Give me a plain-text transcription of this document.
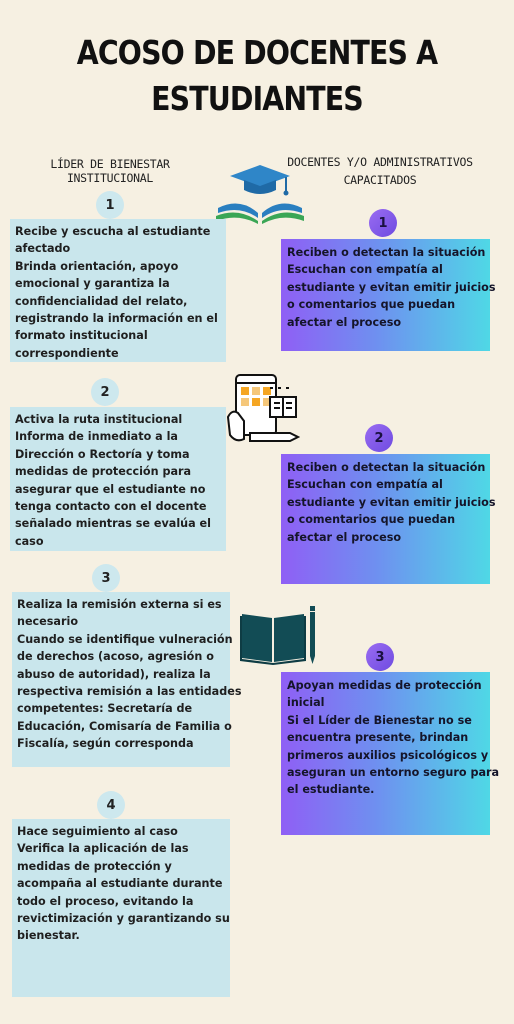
ACOSO DE DOCENTES A
ESTUDIANTES
LÍDER DE BIENESTAR INSTITUCIONAL
DOCENTES Y/O ADMINISTRATIVOS
CAPACITADOS
1
Recibe y escucha al estudiante
afectado
Brinda orientación, apoyo
emocional y garantiza la
confidencialidad del relato,
registrando la información en el
formato institucional
correspondiente
2
Activa la ruta institucional
Informa de inmediato a la
Dirección o Rectoría y toma
medidas de protección para
asegurar que el estudiante no
tenga contacto con el docente
señalado mientras se evalúa el
caso
3
Realiza la remisión externa si es
necesario
Cuando se identifique vulneración
de derechos (acoso, agresión o
abuso de autoridad), realiza la
respectiva remisión a las entidades
competentes: Secretaría de
Educación, Comisaría de Familia o
Fiscalía, según corresponda
4
Hace seguimiento al caso
Verifica la aplicación de las
medidas de protección y
acompaña al estudiante durante
todo el proceso, evitando la
revictimización y garantizando su
bienestar.
1
Reciben o detectan la situación
Escuchan con empatía al
estudiante y evitan emitir juicios
o comentarios que puedan
afectar el proceso
2
Reciben o detectan la situación
Escuchan con empatía al
estudiante y evitan emitir juicios
o comentarios que puedan
afectar el proceso
3
Apoyan medidas de protección
inicial
Si el Líder de Bienestar no se
encuentra presente, brindan
primeros auxilios psicológicos y
aseguran un entorno seguro para
el estudiante.
